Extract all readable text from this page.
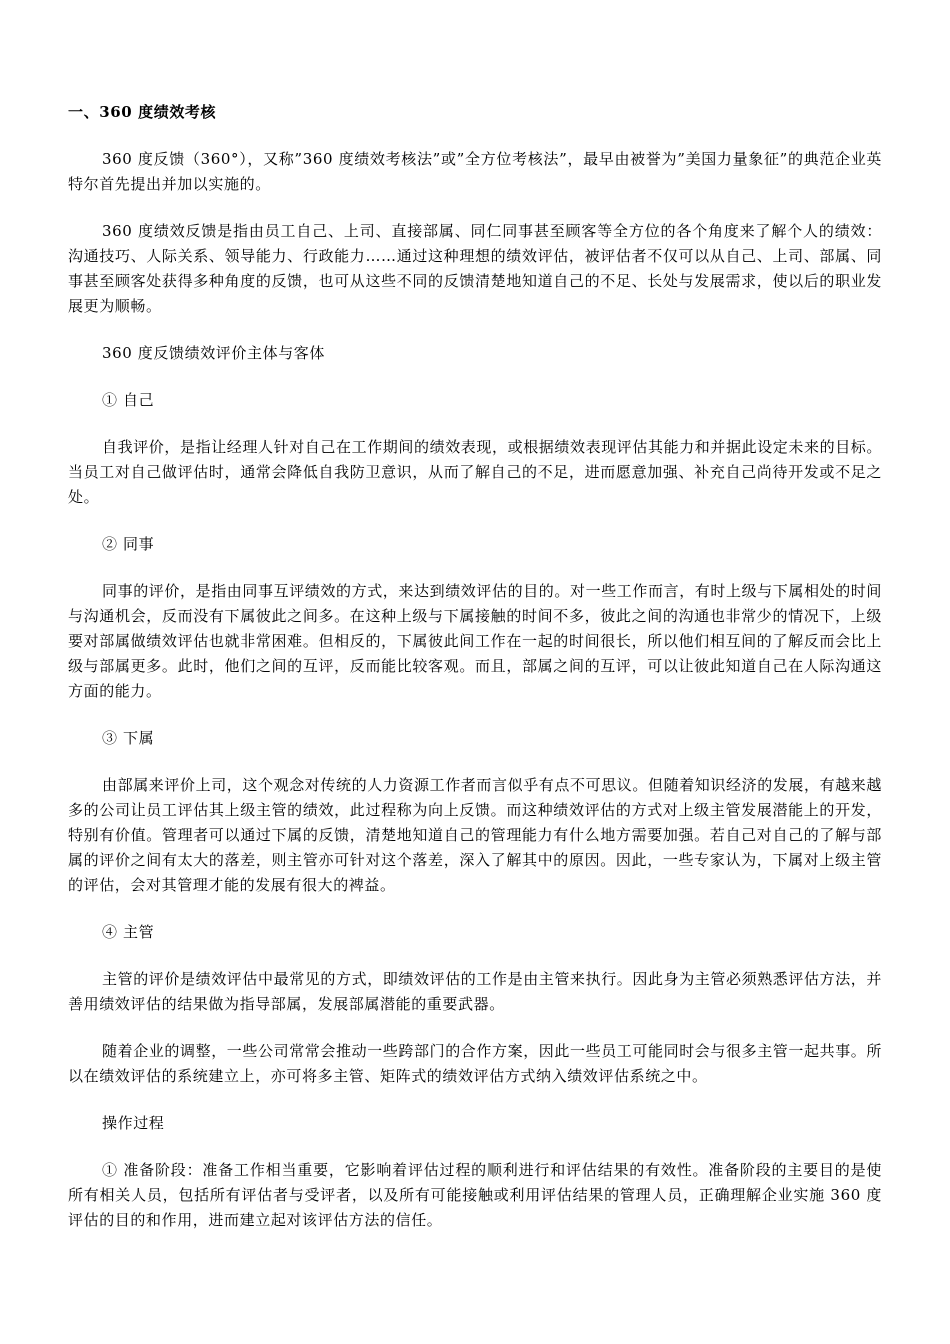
一、360 度绩效考核

360 度反馈（360°），又称”360 度绩效考核法”或”全方位考核法”，最早由被誉为”美国力量象征”的典范企业英特尔首先提出并加以实施的。

360 度绩效反馈是指由员工自己、上司、直接部属、同仁同事甚至顾客等全方位的各个角度来了解个人的绩效：沟通技巧、人际关系、领导能力、行政能力……通过这种理想的绩效评估，被评估者不仅可以从自己、上司、部属、同事甚至顾客处获得多种角度的反馈，也可从这些不同的反馈清楚地知道自己的不足、长处与发展需求，使以后的职业发展更为顺畅。

360 度反馈绩效评价主体与客体

① 自己

自我评价，是指让经理人针对自己在工作期间的绩效表现，或根据绩效表现评估其能力和并据此设定未来的目标。当员工对自己做评估时，通常会降低自我防卫意识，从而了解自己的不足，进而愿意加强、补充自己尚待开发或不足之处。

② 同事

同事的评价，是指由同事互评绩效的方式，来达到绩效评估的目的。对一些工作而言，有时上级与下属相处的时间与沟通机会，反而没有下属彼此之间多。在这种上级与下属接触的时间不多，彼此之间的沟通也非常少的情况下，上级要对部属做绩效评估也就非常困难。但相反的，下属彼此间工作在一起的时间很长，所以他们相互间的了解反而会比上级与部属更多。此时，他们之间的互评，反而能比较客观。而且，部属之间的互评，可以让彼此知道自己在人际沟通这方面的能力。

③ 下属

由部属来评价上司，这个观念对传统的人力资源工作者而言似乎有点不可思议。但随着知识经济的发展，有越来越多的公司让员工评估其上级主管的绩效，此过程称为向上反馈。而这种绩效评估的方式对上级主管发展潜能上的开发，特别有价值。管理者可以通过下属的反馈，清楚地知道自己的管理能力有什么地方需要加强。若自己对自己的了解与部属的评价之间有太大的落差，则主管亦可针对这个落差，深入了解其中的原因。因此，一些专家认为，下属对上级主管的评估，会对其管理才能的发展有很大的裨益。

④ 主管

主管的评价是绩效评估中最常见的方式，即绩效评估的工作是由主管来执行。因此身为主管必须熟悉评估方法，并善用绩效评估的结果做为指导部属，发展部属潜能的重要武器。

随着企业的调整，一些公司常常会推动一些跨部门的合作方案，因此一些员工可能同时会与很多主管一起共事。所以在绩效评估的系统建立上，亦可将多主管、矩阵式的绩效评估方式纳入绩效评估系统之中。

操作过程

① 准备阶段：准备工作相当重要，它影响着评估过程的顺利进行和评估结果的有效性。准备阶段的主要目的是使所有相关人员，包括所有评估者与受评者，以及所有可能接触或利用评估结果的管理人员，正确理解企业实施 360 度评估的目的和作用，进而建立起对该评估方法的信任。
